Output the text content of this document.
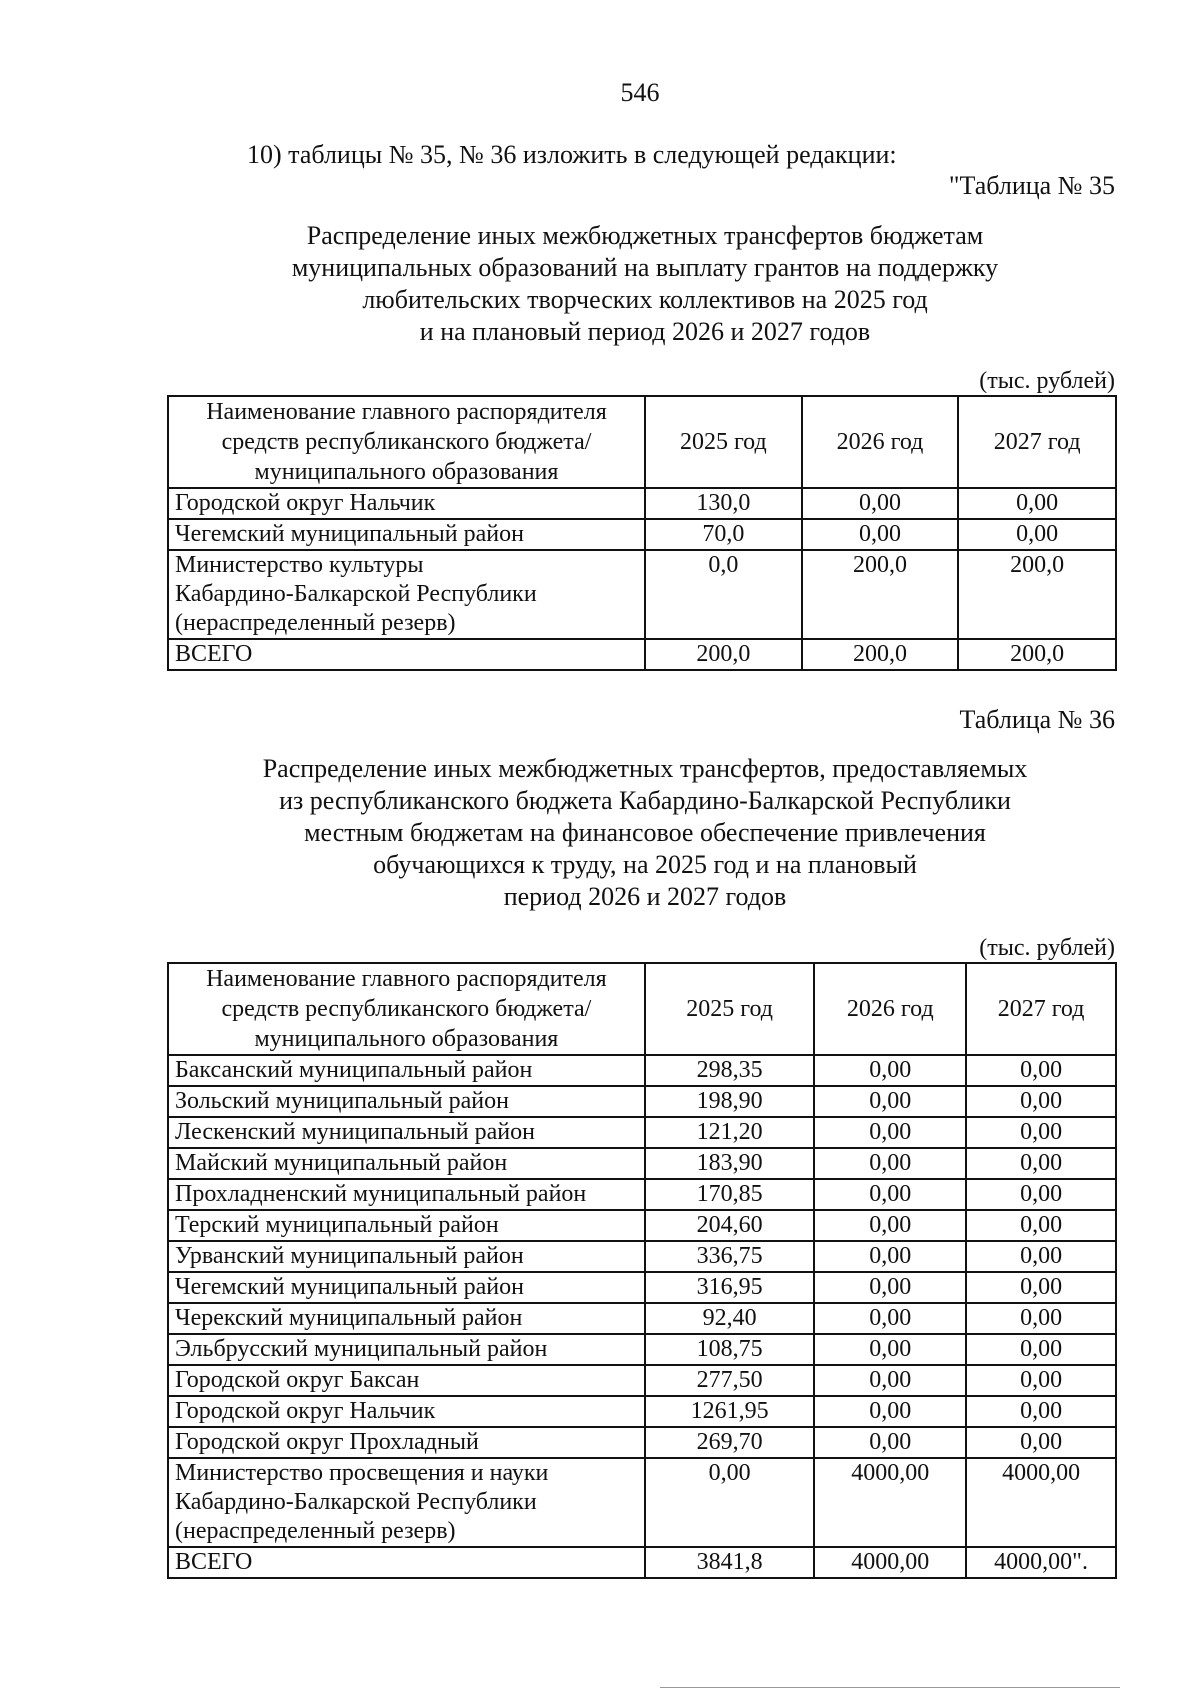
546
10) таблицы № 35, № 36 изложить в следующей редакции:
"Таблица № 35
Распределение иных межбюджетных трансфертов бюджетам
муниципальных образований на выплату грантов на поддержку
любительских творческих коллективов на 2025 год
и на плановый период 2026 и 2027 годов
(тыс. рублей)
Наименование главного распорядителя
средств республиканского бюджета/
муниципального образования	2025 год	2026 год	2027 год
Городской округ Нальчик	130,0	0,00	0,00
Чегемский муниципальный район	70,0	0,00	0,00

Министерство культуры
Кабардино-Балкарской Республики
(нераспределенный резерв)	0,0	200,0	200,0
ВСЕГО	200,0	200,0	200,0
Таблица № 36
Распределение иных межбюджетных трансфертов, предоставляемых
из республиканского бюджета Кабардино-Балкарской Республики
местным бюджетам на финансовое обеспечение привлечения
обучающихся к труду, на 2025 год и на плановый
период 2026 и 2027 годов
(тыс. рублей)
Наименование главного распорядителя
средств республиканского бюджета/
муниципального образования	2025 год	2026 год	2027 год
Баксанский муниципальный район	298,35	0,00	0,00
Зольский муниципальный район	198,90	0,00	0,00
Лескенский муниципальный район	121,20	0,00	0,00
Майский муниципальный район	183,90	0,00	0,00
Прохладненский муниципальный район	170,85	0,00	0,00
Терский муниципальный район	204,60	0,00	0,00
Урванский муниципальный район	336,75	0,00	0,00
Чегемский муниципальный район	316,95	0,00	0,00
Черекский муниципальный район	92,40	0,00	0,00
Эльбрусский муниципальный район	108,75	0,00	0,00
Городской округ Баксан	277,50	0,00	0,00
Городской округ Нальчик	1261,95	0,00	0,00
Городской округ Прохладный	269,70	0,00	0,00

Министерство просвещения и науки
Кабардино-Балкарской Республики
(нераспределенный резерв)	0,00	4000,00	4000,00
ВСЕГО	3841,8	4000,00	4000,00".
